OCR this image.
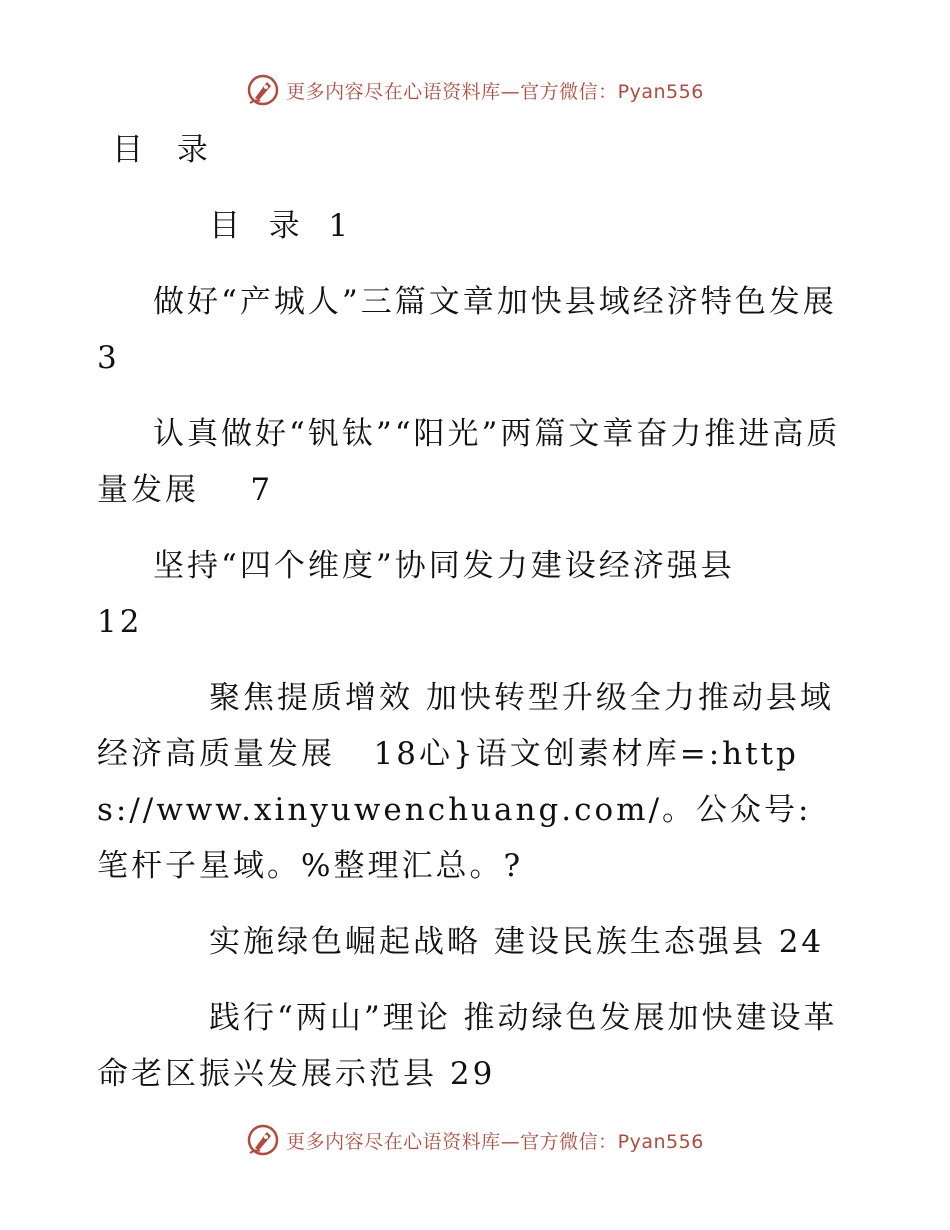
更多内容尽在心语资料库—官方微信：Pyan556
目 录

目  录  1

做好“产城人”三篇文章加快县域经济特色发展  3

认真做好“钒钛”“阳光”两篇文章奋力推进高质量发展    7

坚持“四个维度”协同发力建设经济强县
12

聚焦提质增效 加快转型升级全力推动县域经济高质量发展   18心}语文创素材库=:https://www.xinyuwenchuang.com/。公众号: 笔杆子星域。%整理汇总。?

实施绿色崛起战略 建设民族生态强县 24

践行“两山”理论 推动绿色发展加快建设革命老区振兴发展示范县 29

更多内容尽在心语资料库—官方微信：Pyan556
